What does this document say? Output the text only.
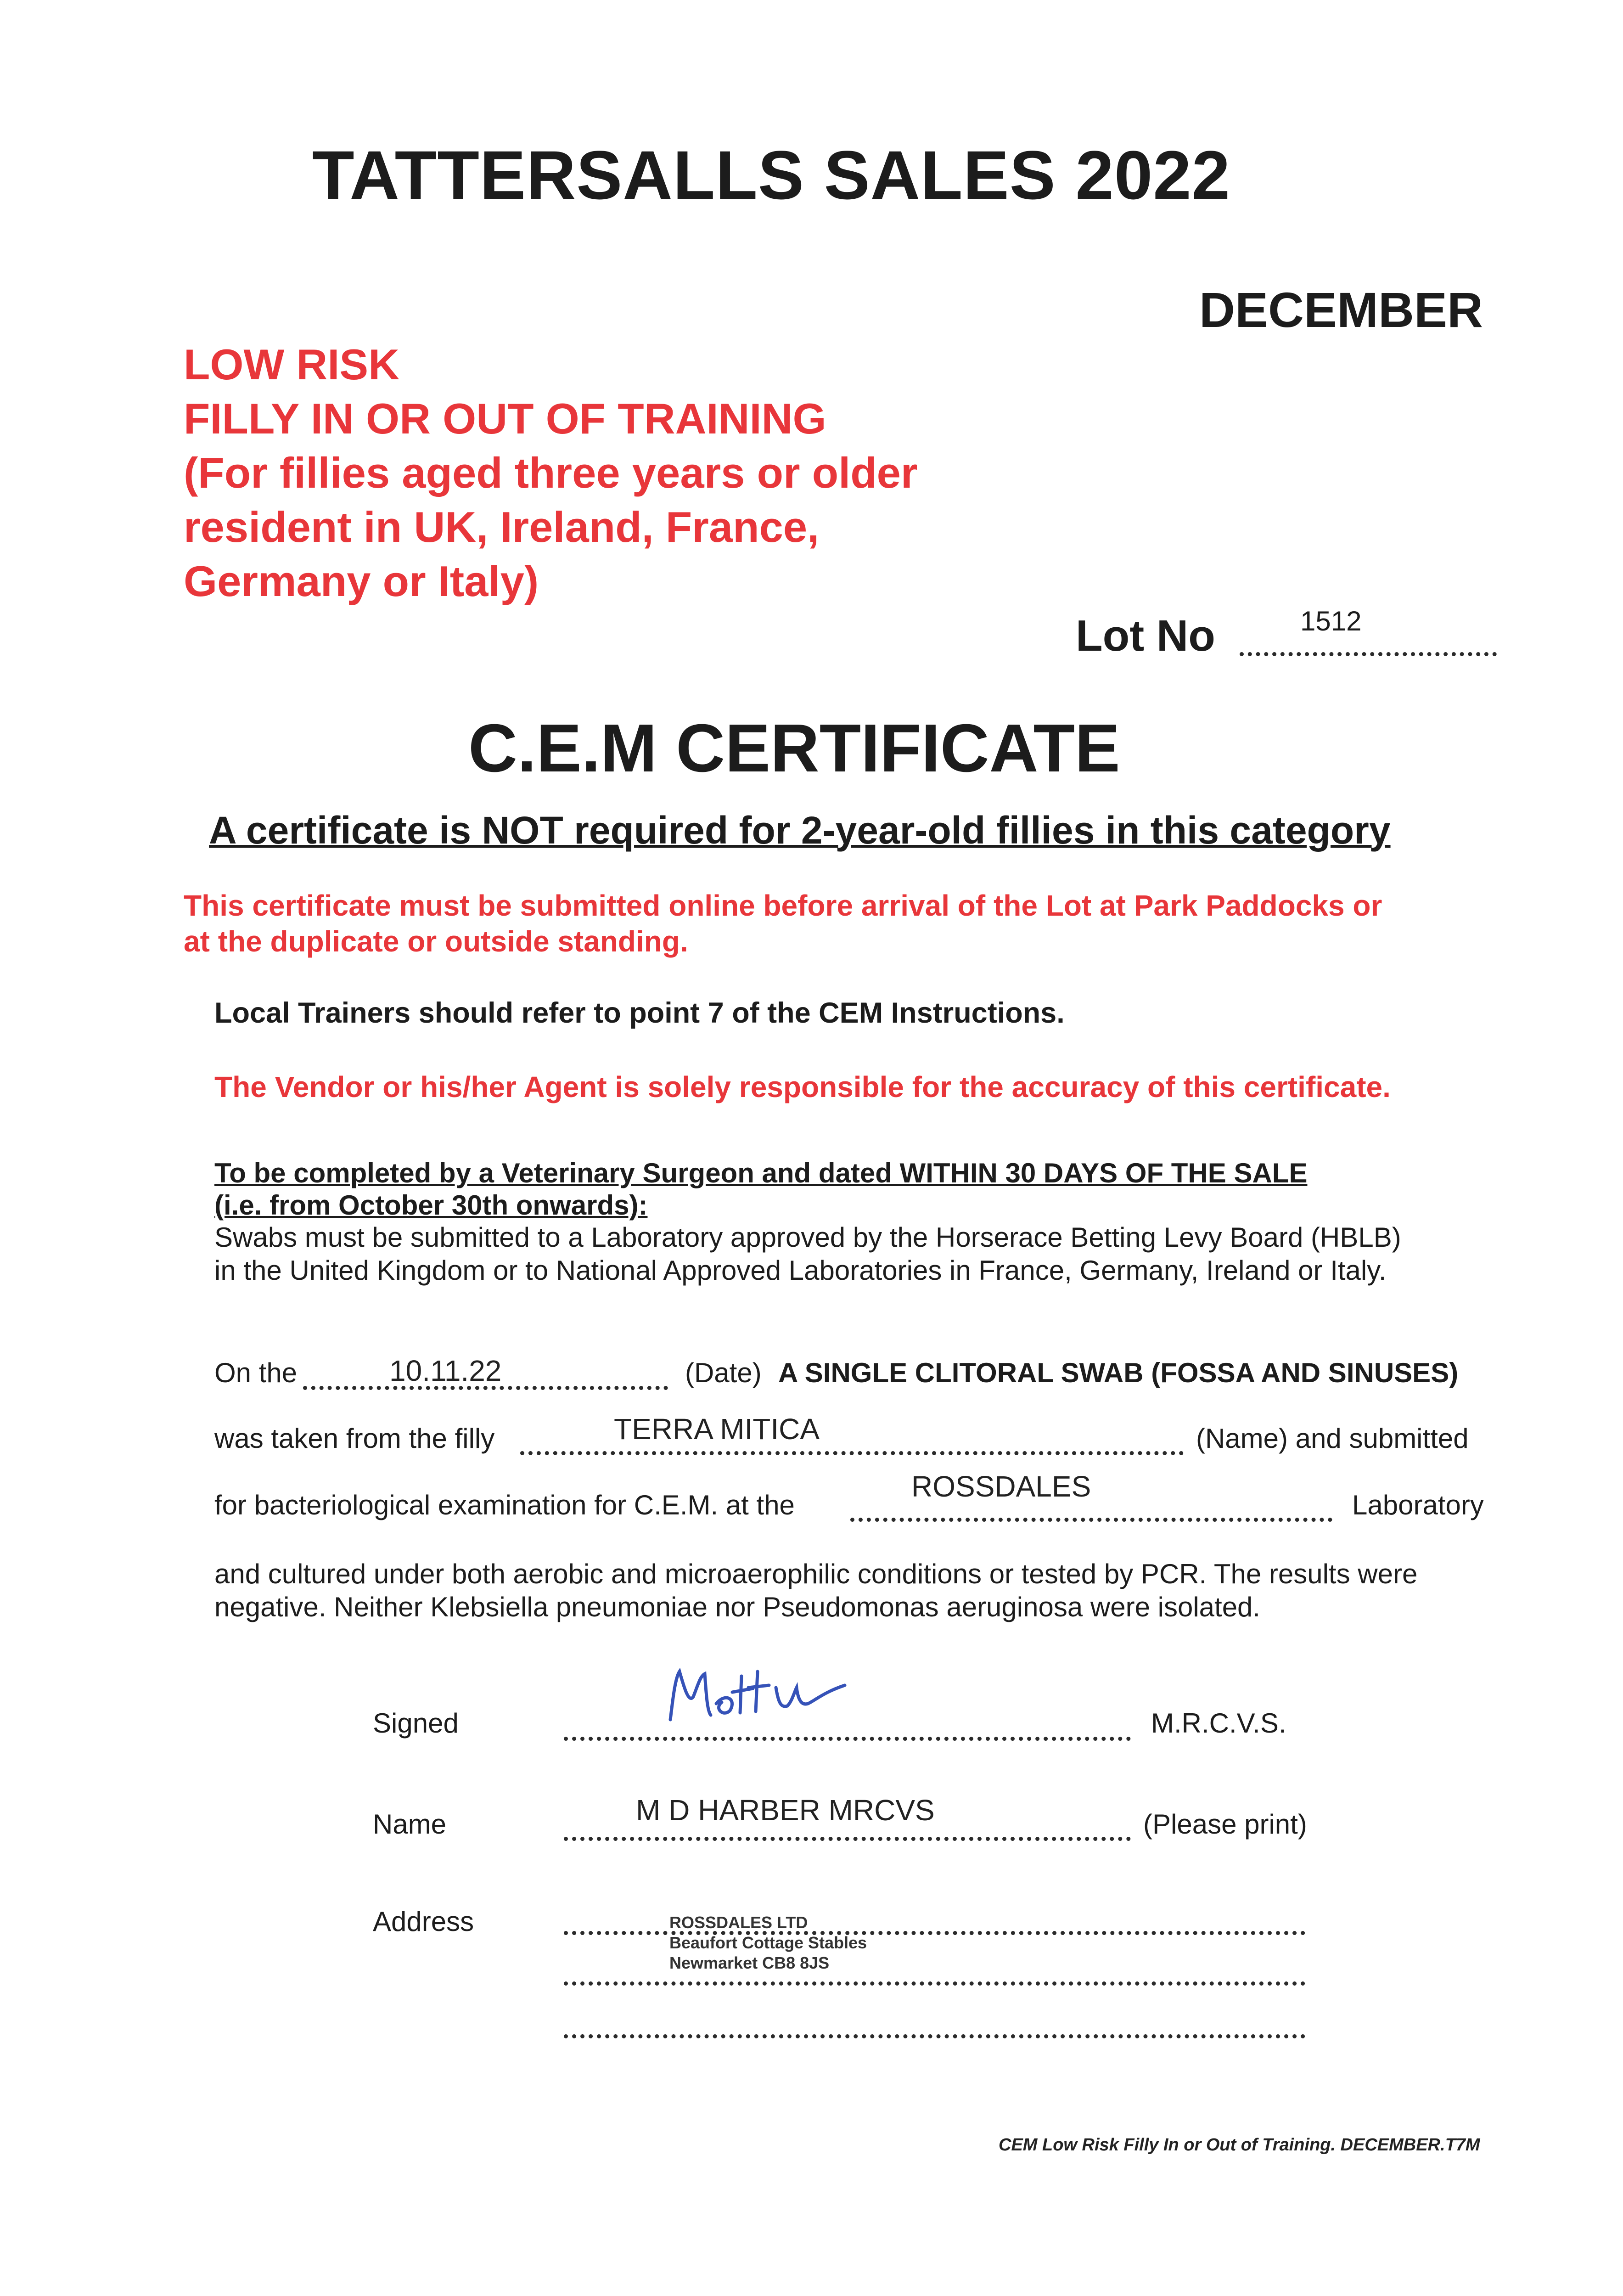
TATTERSALLS SALES 2022
DECEMBER
LOW RISK
FILLY IN OR OUT OF TRAINING
(For fillies aged three years or older
resident in UK, Ireland, France,
Germany or Italy)
Lot No	1512
C.E.M CERTIFICATE
A certificate is NOT required for 2-year-old fillies in this category
This certificate must be submitted online before arrival of the Lot at Park Paddocks or
at the duplicate or outside standing.
Local Trainers should refer to point 7 of the CEM Instructions.
The Vendor or his/her Agent is solely responsible for the accuracy of this certificate.
To be completed by a Veterinary Surgeon and dated WITHIN 30 DAYS OF THE SALE
(i.e. from October 30th onwards):
Swabs must be submitted to a Laboratory approved by the Horserace Betting Levy Board (HBLB)
in the United Kingdom or to National Approved Laboratories in France, Germany, Ireland or Italy.
On the	10.11.22	(Date) A SINGLE CLITORAL SWAB (FOSSA AND SINUSES)
was taken from the filly	TERRA MITICA	(Name) and submitted
for bacteriological examination for C.E.M. at the
ROSSDALES
Laboratory
and cultured under both aerobic and microaerophilic conditions or tested by PCR. The results were
negative. Neither Klebsiella pneumoniae nor Pseudomonas aeruginosa were isolated.
Signed	M.R.C.V.S.
Name	M D HARBER MRCVS	(Please print)
Address	ROSSDALES LTD
Beaufort Cottage Stables
Newmarket CB8 8JS
CEM Low Risk Filly In or Out of Training. DECEMBER.T7M
